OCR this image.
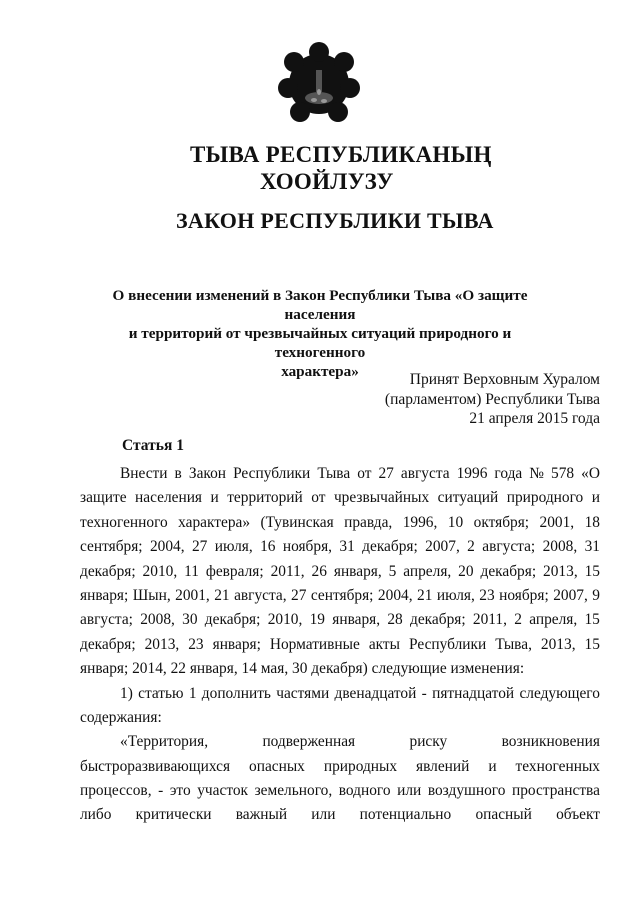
ТЫВА РЕСПУБЛИКАНЫҢ
ХООЙЛУЗУ
ЗАКОН РЕСПУБЛИКИ ТЫВА
О внесении изменений в Закон Республики Тыва «О защите населения
и территорий от чрезвычайных ситуаций природного и техногенного
характера»	Принят Верховным Хуралом
(парламентом) Республики Тыва
21 апреля 2015 года
Статья 1
Внести в Закон Республики Тыва от 27 августа 1996 года № 578 «О
защите населения и территорий от чрезвычайных ситуаций природного и
техногенного характера» (Тувинская правда, 1996, 10 октября; 2001, 18
сентября; 2004, 27 июля, 16 ноября, 31 декабря; 2007, 2 августа; 2008, 31
декабря; 2010, 11 февраля; 2011, 26 января, 5 апреля, 20 декабря; 2013, 15
января; Шын, 2001, 21 августа, 27 сентября; 2004, 21 июля, 23 ноября; 2007, 9
августа; 2008, 30 декабря; 2010, 19 января, 28 декабря; 2011, 2 апреля, 15
декабря; 2013, 23 января; Нормативные акты Республики Тыва, 2013, 15
января; 2014, 22 января, 14 мая, 30 декабря) следующие изменения:
1) статью 1 дополнить частями двенадцатой - пятнадцатой следующего
содержания:
«Территория,	подверженная	риску	возникновения
быстроразвивающихся опасных природных явлений и техногенных
процессов, - это участок земельного, водного или воздушного пространства
либо критически важный или потенциально опасный объект
